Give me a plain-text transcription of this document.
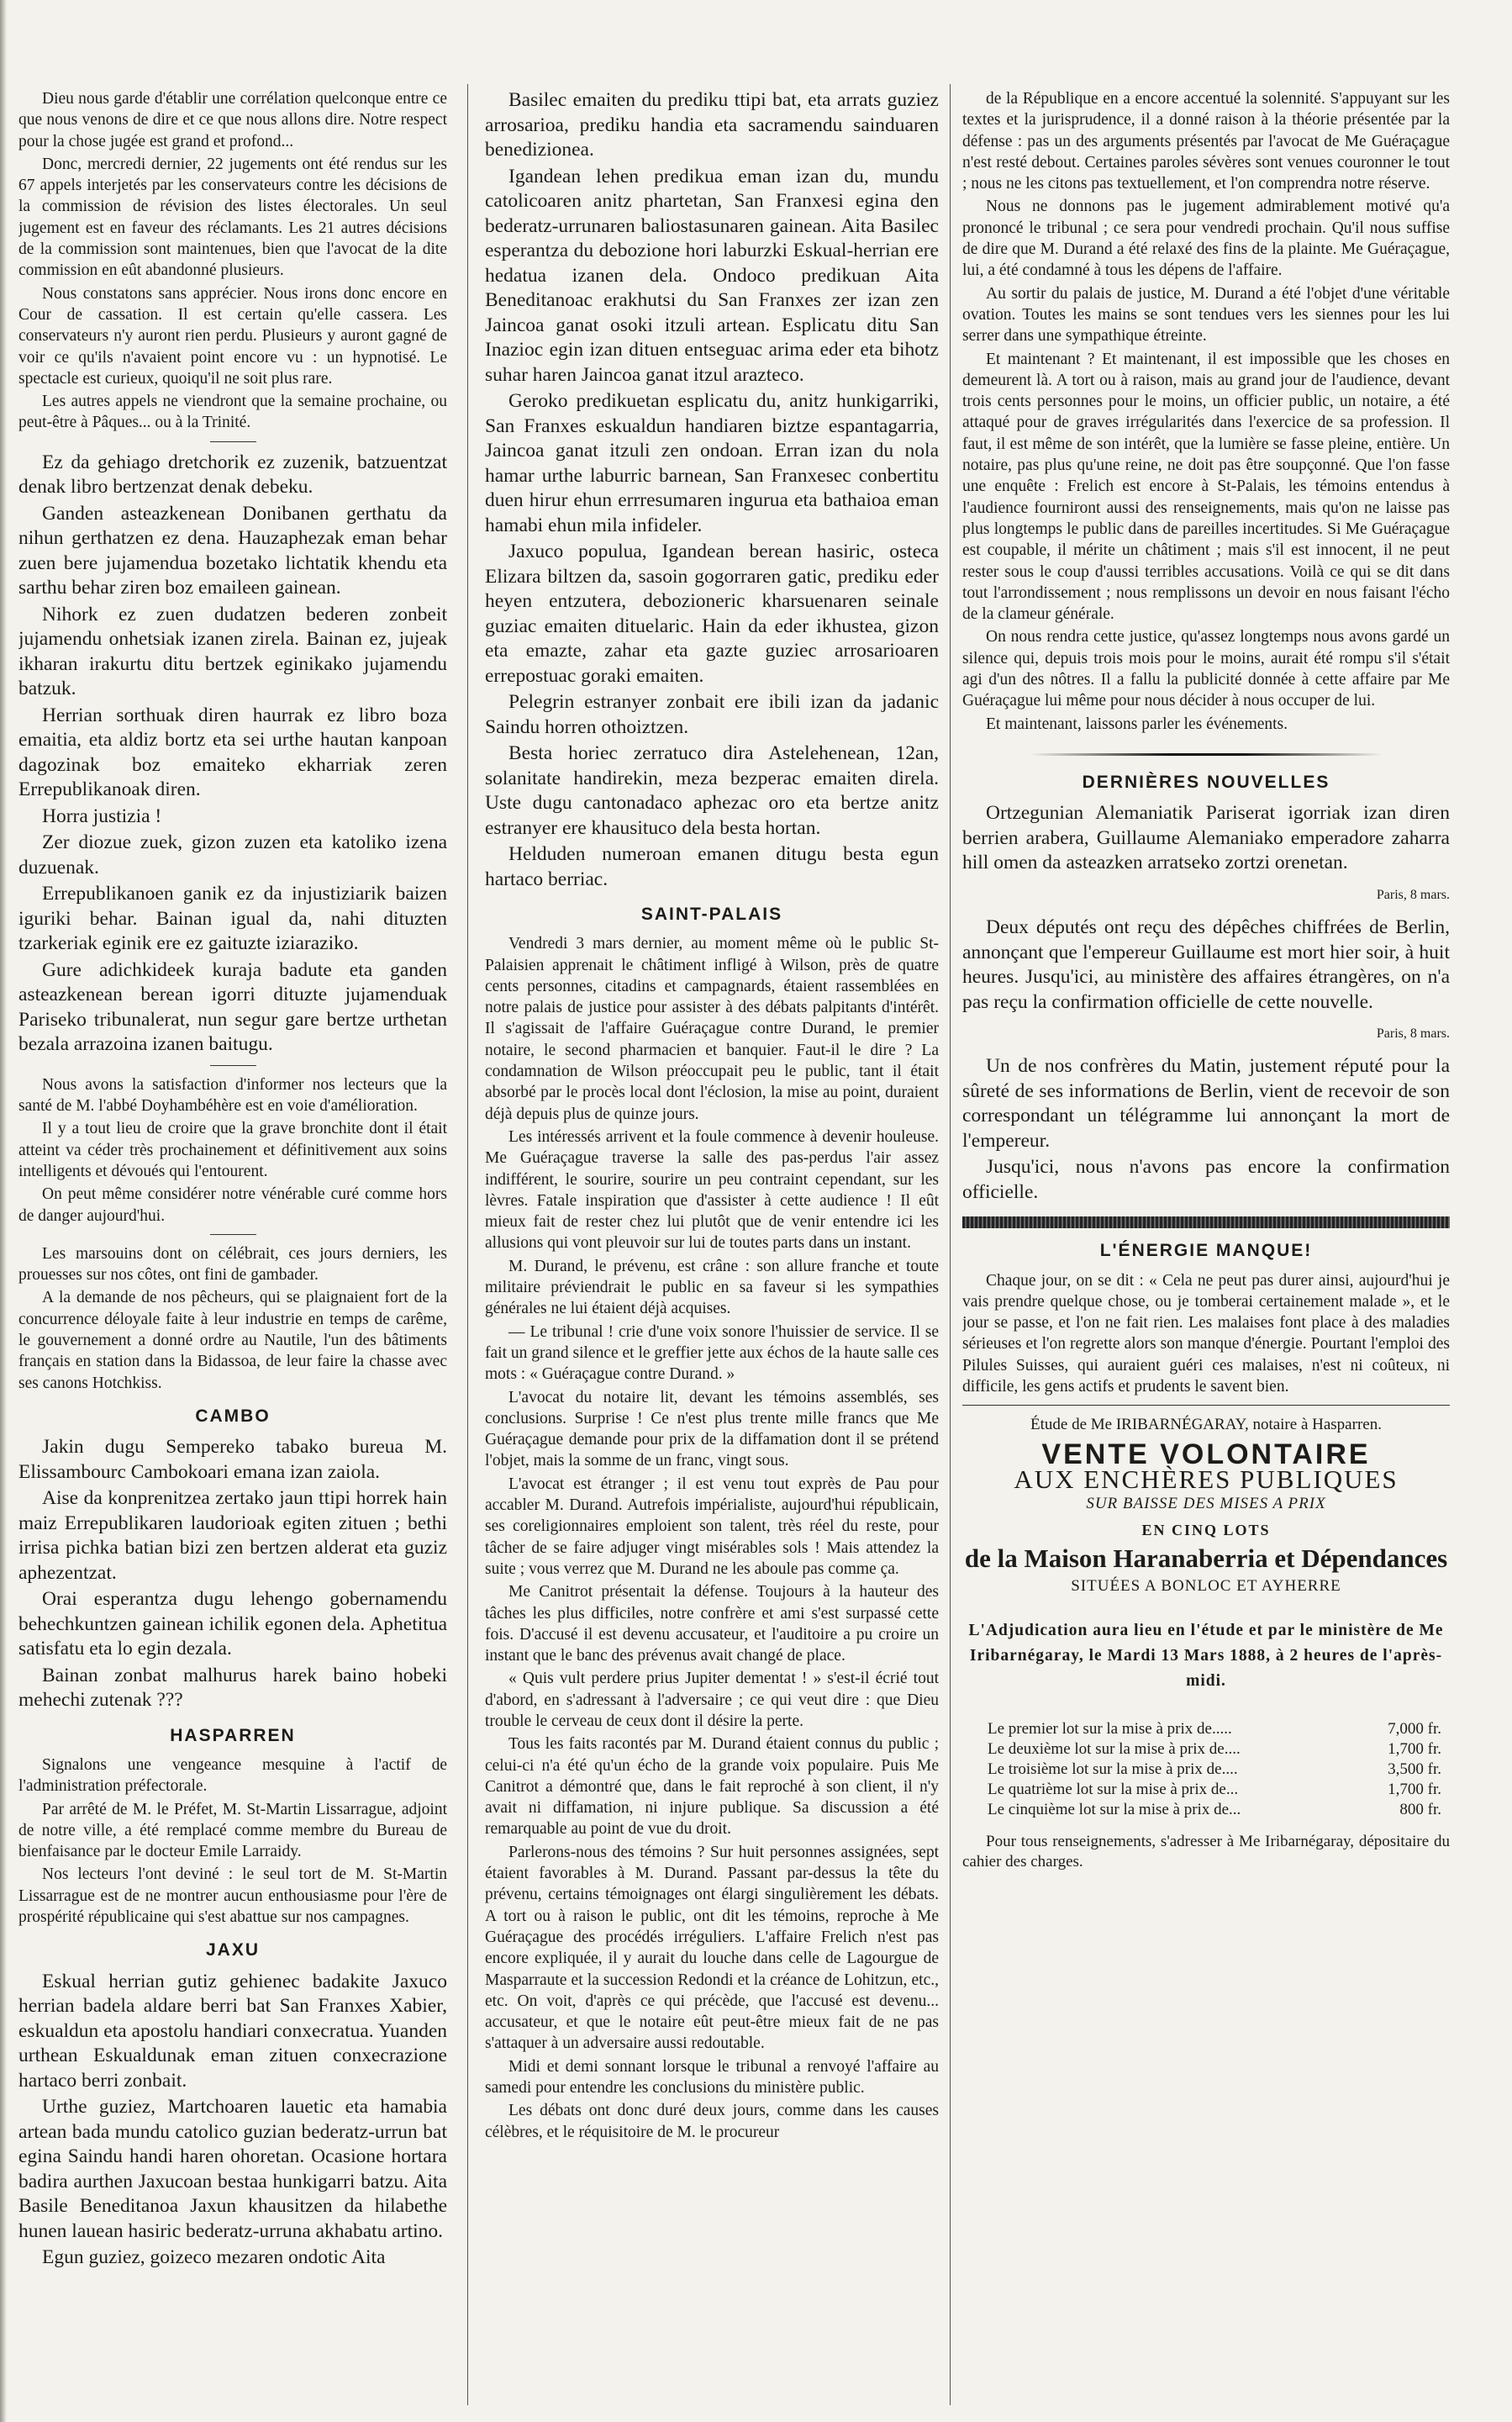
Dieu nous garde d'établir une corrélation quelconque entre ce que nous venons de dire et ce que nous allons dire. Notre respect pour la chose jugée est grand et profond...

Donc, mercredi dernier, 22 jugements ont été rendus sur les 67 appels interjetés par les conservateurs contre les décisions de la commission de révision des listes électorales. Un seul jugement est en faveur des réclamants. Les 21 autres décisions de la commission sont maintenues, bien que l'avocat de la dite commission en eût abandonné plusieurs.

Nous constatons sans apprécier. Nous irons donc encore en Cour de cassation. Il est certain qu'elle cassera. Les conservateurs n'y auront rien perdu. Plusieurs y auront gagné de voir ce qu'ils n'avaient point encore vu : un hypnotisé. Le spectacle est curieux, quoiqu'il ne soit plus rare.

Les autres appels ne viendront que la semaine prochaine, ou peut-être à Pâques... ou à la Trinité.

Ez da gehiago dretchorik ez zuzenik, batzuentzat denak libro bertzenzat denak debeku.

Ganden asteazkenean Donibanen gerthatu da nihun gerthatzen ez dena. Hauzaphezak eman behar zuen bere jujamendua bozetako lichtatik khendu eta sarthu behar ziren boz emaileen gainean.

Nihork ez zuen dudatzen bederen zonbeit jujamendu onhetsiak izanen zirela. Bainan ez, jujeak ikharan irakurtu ditu bertzek eginikako jujamendu batzuk.

Herrian sorthuak diren haurrak ez libro boza emaitia, eta aldiz bortz eta sei urthe hautan kanpoan dagozinak boz emaiteko ekharriak zeren Errepublikanoak diren.

Horra justizia !

Zer diozue zuek, gizon zuzen eta katoliko izena duzuenak.

Errepublikanoen ganik ez da injustiziarik baizen iguriki behar. Bainan igual da, nahi dituzten tzarkeriak eginik ere ez gaituzte iziaraziko.

Gure adichkideek kuraja badute eta ganden asteazkenean berean igorri dituzte jujamenduak Pariseko tribunalerat, nun segur gare bertze urthetan bezala arrazoina izanen baitugu.

Nous avons la satisfaction d'informer nos lecteurs que la santé de M. l'abbé Doyhambéhère est en voie d'amélioration.

Il y a tout lieu de croire que la grave bronchite dont il était atteint va céder très prochainement et définitivement aux soins intelligents et dévoués qui l'entourent.

On peut même considérer notre vénérable curé comme hors de danger aujourd'hui.

Les marsouins dont on célébrait, ces jours derniers, les prouesses sur nos côtes, ont fini de gambader.

A la demande de nos pêcheurs, qui se plaignaient fort de la concurrence déloyale faite à leur industrie en temps de carême, le gouvernement a donné ordre au Nautile, l'un des bâtiments français en station dans la Bidassoa, de leur faire la chasse avec ses canons Hotchkiss.

CAMBO

Jakin dugu Sempereko tabako bureua M. Elissambourc Cambokoari emana izan zaiola.

Aise da konprenitzea zertako jaun ttipi horrek hain maiz Errepublikaren laudorioak egiten zituen ; bethi irrisa pichka batian bizi zen bertzen alderat eta guziz aphezentzat.

Orai esperantza dugu lehengo gobernamendu behechkuntzen gainean ichilik egonen dela. Aphetitua satisfatu eta lo egin dezala.

Bainan zonbat malhurus harek baino hobeki mehechi zutenak ???

HASPARREN

Signalons une vengeance mesquine à l'actif de l'administration préfectorale.

Par arrêté de M. le Préfet, M. St-Martin Lissarrague, adjoint de notre ville, a été remplacé comme membre du Bureau de bienfaisance par le docteur Emile Larraidy.

Nos lecteurs l'ont deviné : le seul tort de M. St-Martin Lissarrague est de ne montrer aucun enthousiasme pour l'ère de prospérité républicaine qui s'est abattue sur nos campagnes.

JAXU

Eskual herrian gutiz gehienec badakite Jaxuco herrian badela aldare berri bat San Franxes Xabier, eskualdun eta apostolu handiari conxecratua. Yuanden urthean Eskualdunak eman zituen conxecrazione hartaco berri zonbait.

Urthe guziez, Martchoaren lauetic eta hamabia artean bada mundu catolico guzian bederatz-urrun bat egina Saindu handi haren ohoretan. Ocasione hortara badira aurthen Jaxucoan bestaa hunkigarri batzu. Aita Basile Beneditanoa Jaxun khausitzen da hilabethe hunen lauean hasiric bederatz-urruna akhabatu artino.

Egun guziez, goizeco mezaren ondotic Aita

Basilec emaiten du prediku ttipi bat, eta arrats guziez arrosarioa, prediku handia eta sacramendu sainduaren benedizionea.

Igandean lehen predikua eman izan du, mundu catolicoaren anitz phartetan, San Franxesi egina den bederatz-urrunaren baliostasunaren gainean. Aita Basilec esperantza du debozione hori laburzki Eskual-herrian ere hedatua izanen dela. Ondoco predikuan Aita Beneditanoac erakhutsi du San Franxes zer izan zen Jaincoa ganat osoki itzuli artean. Esplicatu ditu San Inazioc egin izan dituen entseguac arima eder eta bihotz suhar haren Jaincoa ganat itzul arazteco.

Geroko predikuetan esplicatu du, anitz hunkigarriki, San Franxes eskualdun handiaren biztze espantagarria, Jaincoa ganat itzuli zen ondoan. Erran izan du nola hamar urthe laburric barnean, San Franxesec conbertitu duen hirur ehun errresumaren ingurua eta bathaioa eman hamabi ehun mila infideler.

Jaxuco populua, Igandean berean hasiric, osteca Elizara biltzen da, sasoin gogorraren gatic, prediku eder heyen entzutera, debozioneric kharsuenaren seinale guziac emaiten dituelaric. Hain da eder ikhustea, gizon eta emazte, zahar eta gazte guziec arrosarioaren errepostuac goraki emaiten.

Pelegrin estranyer zonbait ere ibili izan da jadanic Saindu horren othoiztzen.

Besta horiec zerratuco dira Astelehenean, 12an, solanitate handirekin, meza bezperac emaiten direla. Uste dugu cantonadaco aphezac oro eta bertze anitz estranyer ere khausituco dela besta hortan.

Helduden numeroan emanen ditugu besta egun hartaco berriac.

SAINT-PALAIS

Vendredi 3 mars dernier, au moment même où le public St-Palaisien apprenait le châtiment infligé à Wilson, près de quatre cents personnes, citadins et campagnards, étaient rassemblées en notre palais de justice pour assister à des débats palpitants d'intérêt. Il s'agissait de l'affaire Guéraçague contre Durand, le premier notaire, le second pharmacien et banquier. Faut-il le dire ? La condamnation de Wilson préoccupait peu le public, tant il était absorbé par le procès local dont l'éclosion, la mise au point, duraient déjà depuis plus de quinze jours.

Les intéressés arrivent et la foule commence à devenir houleuse. Me Guéraçague traverse la salle des pas-perdus l'air assez indifférent, le sourire, sourire un peu contraint cependant, sur les lèvres. Fatale inspiration que d'assister à cette audience ! Il eût mieux fait de rester chez lui plutôt que de venir entendre ici les allusions qui vont pleuvoir sur lui de toutes parts dans un instant.

M. Durand, le prévenu, est crâne : son allure franche et toute militaire préviendrait le public en sa faveur si les sympathies générales ne lui étaient déjà acquises.

— Le tribunal ! crie d'une voix sonore l'huissier de service. Il se fait un grand silence et le greffier jette aux échos de la haute salle ces mots : « Guéraçague contre Durand. »

L'avocat du notaire lit, devant les témoins assemblés, ses conclusions. Surprise ! Ce n'est plus trente mille francs que Me Guéraçague demande pour prix de la diffamation dont il se prétend l'objet, mais la somme de un franc, vingt sous.

L'avocat est étranger ; il est venu tout exprès de Pau pour accabler M. Durand. Autrefois impérialiste, aujourd'hui républicain, ses coreligionnaires emploient son talent, très réel du reste, pour tâcher de se faire adjuger vingt misérables sols ! Mais attendez la suite ; vous verrez que M. Durand ne les aboule pas comme ça.

Me Canitrot présentait la défense. Toujours à la hauteur des tâches les plus difficiles, notre confrère et ami s'est surpassé cette fois. D'accusé il est devenu accusateur, et l'auditoire a pu croire un instant que le banc des prévenus avait changé de place.

« Quis vult perdere prius Jupiter dementat ! » s'est-il écrié tout d'abord, en s'adressant à l'adversaire ; ce qui veut dire : que Dieu trouble le cerveau de ceux dont il désire la perte.

Tous les faits racontés par M. Durand étaient connus du public ; celui-ci n'a été qu'un écho de la grande voix populaire. Puis Me Canitrot a démontré que, dans le fait reproché à son client, il n'y avait ni diffamation, ni injure publique. Sa discussion a été remarquable au point de vue du droit.

Parlerons-nous des témoins ? Sur huit personnes assignées, sept étaient favorables à M. Durand. Passant par-dessus la tête du prévenu, certains témoignages ont élargi singulièrement les débats. A tort ou à raison le public, ont dit les témoins, reproche à Me Guéraçague des procédés irréguliers. L'affaire Frelich n'est pas encore expliquée, il y aurait du louche dans celle de Lagourgue de Masparraute et la succession Redondi et la créance de Lohitzun, etc., etc. On voit, d'après ce qui précède, que l'accusé est devenu... accusateur, et que le notaire eût peut-être mieux fait de ne pas s'attaquer à un adversaire aussi redoutable.

Midi et demi sonnant lorsque le tribunal a renvoyé l'affaire au samedi pour entendre les conclusions du ministère public.

Les débats ont donc duré deux jours, comme dans les causes célèbres, et le réquisitoire de M. le procureur

de la République en a encore accentué la solennité. S'appuyant sur les textes et la jurisprudence, il a donné raison à la théorie présentée par la défense : pas un des arguments présentés par l'avocat de Me Guéraçague n'est resté debout. Certaines paroles sévères sont venues couronner le tout ; nous ne les citons pas textuellement, et l'on comprendra notre réserve.

Nous ne donnons pas le jugement admirablement motivé qu'a prononcé le tribunal ; ce sera pour vendredi prochain. Qu'il nous suffise de dire que M. Durand a été relaxé des fins de la plainte. Me Guéraçague, lui, a été condamné à tous les dépens de l'affaire.

Au sortir du palais de justice, M. Durand a été l'objet d'une véritable ovation. Toutes les mains se sont tendues vers les siennes pour les lui serrer dans une sympathique étreinte.

Et maintenant ? Et maintenant, il est impossible que les choses en demeurent là. A tort ou à raison, mais au grand jour de l'audience, devant trois cents personnes pour le moins, un officier public, un notaire, a été attaqué pour de graves irrégularités dans l'exercice de sa profession. Il faut, il est même de son intérêt, que la lumière se fasse pleine, entière. Un notaire, pas plus qu'une reine, ne doit pas être soupçonné. Que l'on fasse une enquête : Frelich est encore à St-Palais, les témoins entendus à l'audience fourniront aussi des renseignements, mais qu'on ne laisse pas plus longtemps le public dans de pareilles incertitudes. Si Me Guéraçague est coupable, il mérite un châtiment ; mais s'il est innocent, il ne peut rester sous le coup d'aussi terribles accusations. Voilà ce qui se dit dans tout l'arrondissement ; nous remplissons un devoir en nous faisant l'écho de la clameur générale.

On nous rendra cette justice, qu'assez longtemps nous avons gardé un silence qui, depuis trois mois pour le moins, aurait été rompu s'il s'était agi d'un des nôtres. Il a fallu la publicité donnée à cette affaire par Me Guéraçague lui même pour nous décider à nous occuper de lui.

Et maintenant, laissons parler les événements.

DERNIÈRES NOUVELLES

Ortzegunian Alemaniatik Pariserat igorriak izan diren berrien arabera, Guillaume Alemaniako emperadore zaharra hill omen da asteazken arratseko zortzi orenetan.

Paris, 8 mars.

Deux députés ont reçu des dépêches chiffrées de Berlin, annonçant que l'empereur Guillaume est mort hier soir, à huit heures. Jusqu'ici, au ministère des affaires étrangères, on n'a pas reçu la confirmation officielle de cette nouvelle.

Paris, 8 mars.

Un de nos confrères du Matin, justement réputé pour la sûreté de ses informations de Berlin, vient de recevoir de son correspondant un télégramme lui annonçant la mort de l'empereur.

Jusqu'ici, nous n'avons pas encore la confirmation officielle.

L'ÉNERGIE MANQUE!

Chaque jour, on se dit : « Cela ne peut pas durer ainsi, aujourd'hui je vais prendre quelque chose, ou je tomberai certainement malade », et le jour se passe, et l'on ne fait rien. Les malaises font place à des maladies sérieuses et l'on regrette alors son manque d'énergie. Pourtant l'emploi des Pilules Suisses, qui auraient guéri ces malaises, n'est ni coûteux, ni difficile, les gens actifs et prudents le savent bien.

Étude de Me IRIBARNÉGARAY, notaire à Hasparren.
VENTE VOLONTAIRE
AUX ENCHÈRES PUBLIQUES
SUR BAISSE DES MISES A PRIX
EN CINQ LOTS
de la Maison Haranaberria et Dépendances
SITUÉES A BONLOC ET AYHERRE
L'Adjudication aura lieu en l'étude et par le ministère de Me Iribarnégaray, le Mardi 13 Mars 1888, à 2 heures de l'après-midi.
Le premier lot sur la mise à prix de.....	7,000 fr.
Le deuxième lot sur la mise à prix de....	1,700 fr.
Le troisième lot sur la mise à prix de....	3,500 fr.
Le quatrième lot sur la mise à prix de...	1,700 fr.
Le cinquième lot sur la mise à prix de...	800 fr.

Pour tous renseignements, s'adresser à Me Iribarnégaray, dépositaire du cahier des charges.
